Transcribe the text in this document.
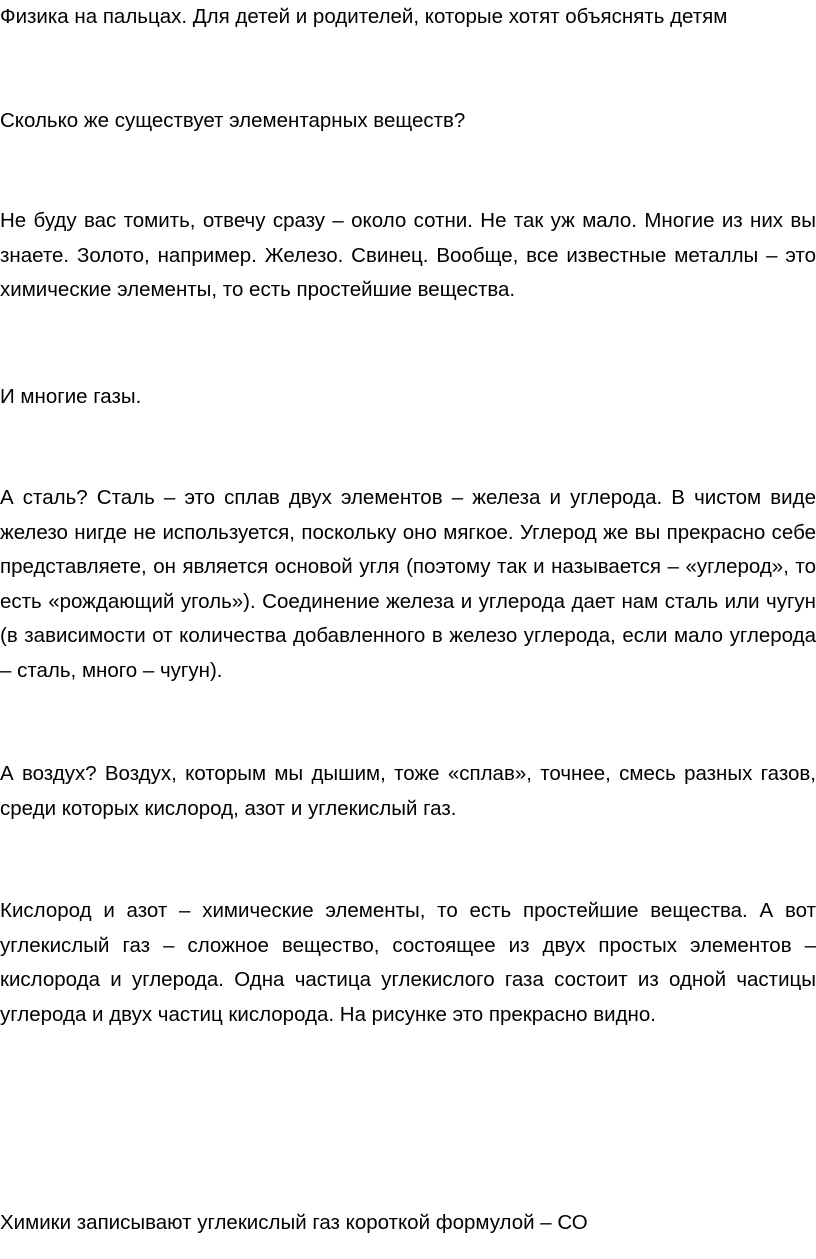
Физика на пальцах. Для детей и родителей, которые хотят объяснять детям

Сколько же существует элементарных веществ?

Не буду вас томить, отвечу сразу – около сотни. Не так уж мало. Многие из них вы знаете. Золото, например. Железо. Свинец. Вообще, все известные металлы – это химические элементы, то есть простейшие вещества.

И многие газы.

А сталь? Сталь – это сплав двух элементов – железа и углерода. В чистом виде железо нигде не используется, поскольку оно мягкое. Углерод же вы прекрасно себе представляете, он является основой угля (поэтому так и называется – «углерод», то есть «рождающий уголь»). Соединение железа и углерода дает нам сталь или чугун (в зависимости от количества добавленного в железо углерода, если мало углерода – сталь, много – чугун).

А воздух? Воздух, которым мы дышим, тоже «сплав», точнее, смесь разных газов, среди которых кислород, азот и углекислый газ.

Кислород и азот – химические элементы, то есть простейшие вещества. А вот углекислый газ – сложное вещество, состоящее из двух простых элементов – кислорода и углерода. Одна частица углекислого газа состоит из одной частицы углерода и двух частиц кислорода. На рисунке это прекрасно видно.

Химики записывают углекислый газ короткой формулой – СО
